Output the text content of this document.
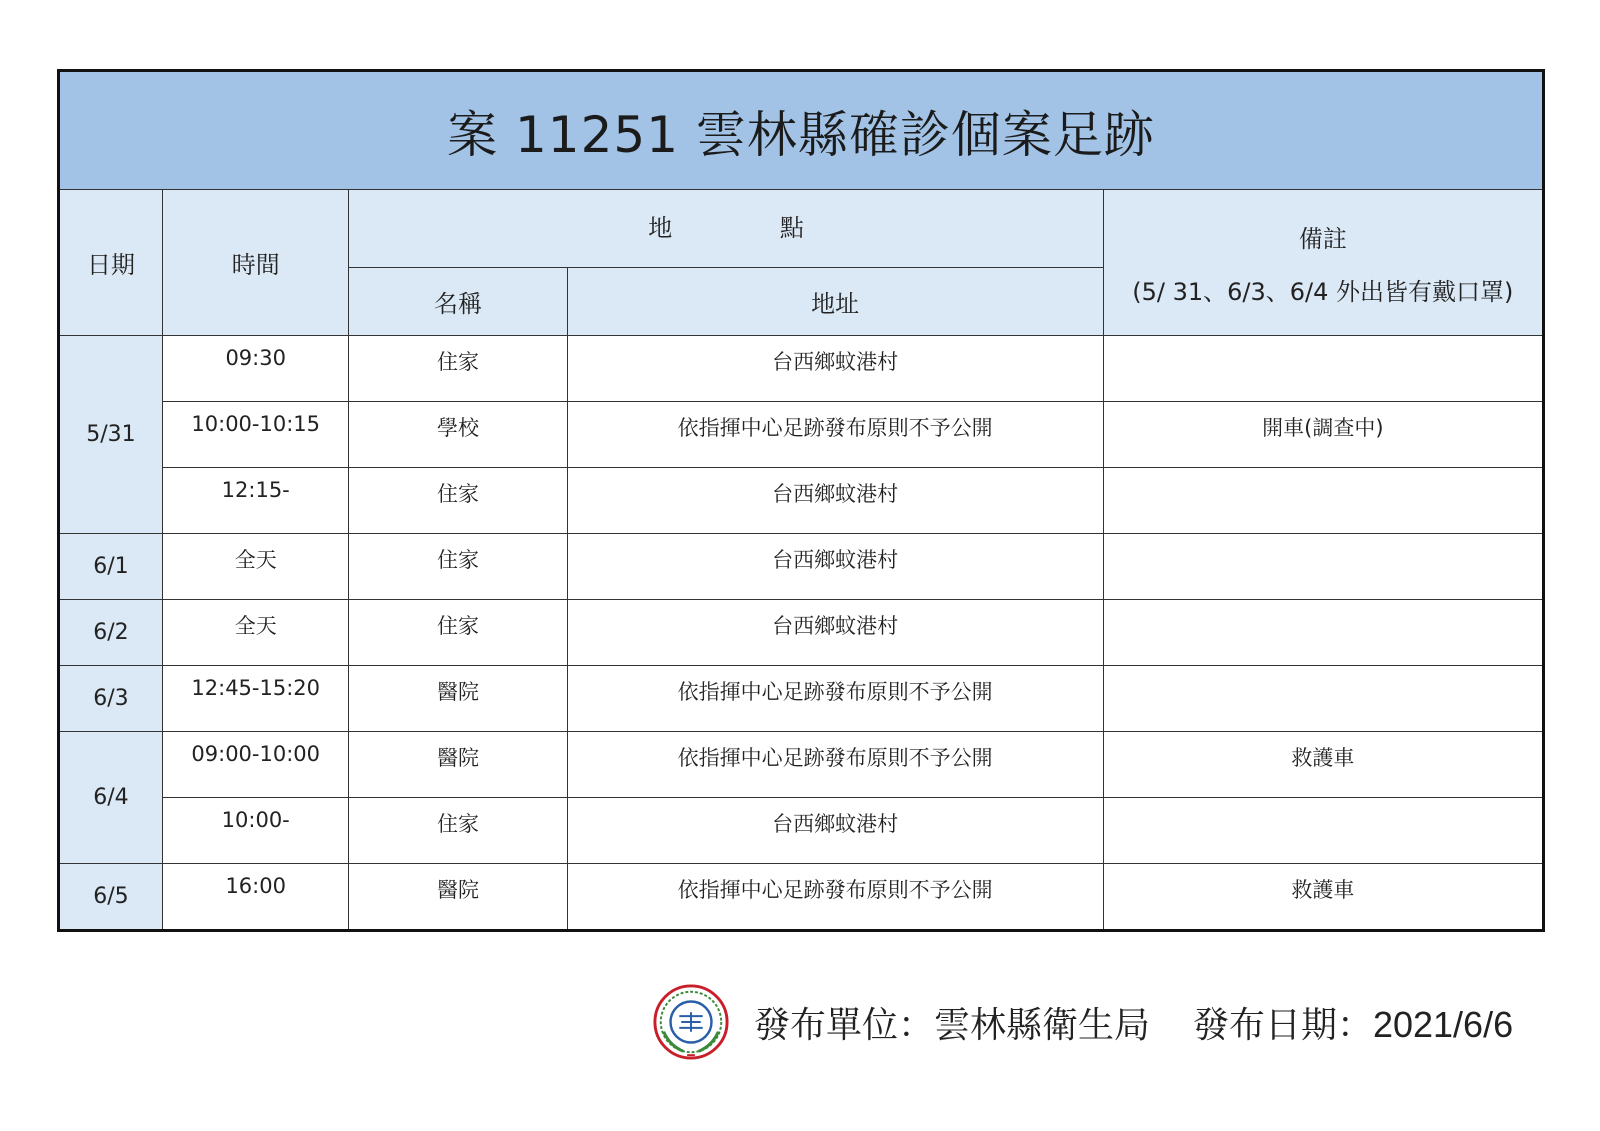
案 11251 雲林縣確診個案足跡				
日期	時間	地 點		備註
(5/ 31、6/3、6/4 外出皆有戴口罩)
		名稱	地址	
5/31	09:30	住家	台西鄉蚊港村	
	10:00-10:15	學校	依指揮中心足跡發布原則不予公開	開車(調查中)
	12:15-	住家	台西鄉蚊港村	
6/1	全天	住家	台西鄉蚊港村	
6/2	全天	住家	台西鄉蚊港村	
6/3	12:45-15:20	醫院	依指揮中心足跡發布原則不予公開	
6/4	09:00-10:00	醫院	依指揮中心足跡發布原則不予公開	救護車
	10:00-	住家	台西鄉蚊港村	
6/5	16:00	醫院	依指揮中心足跡發布原則不予公開	救護車
發布單位：雲林縣衛生局 發布日期：2021/6/6
